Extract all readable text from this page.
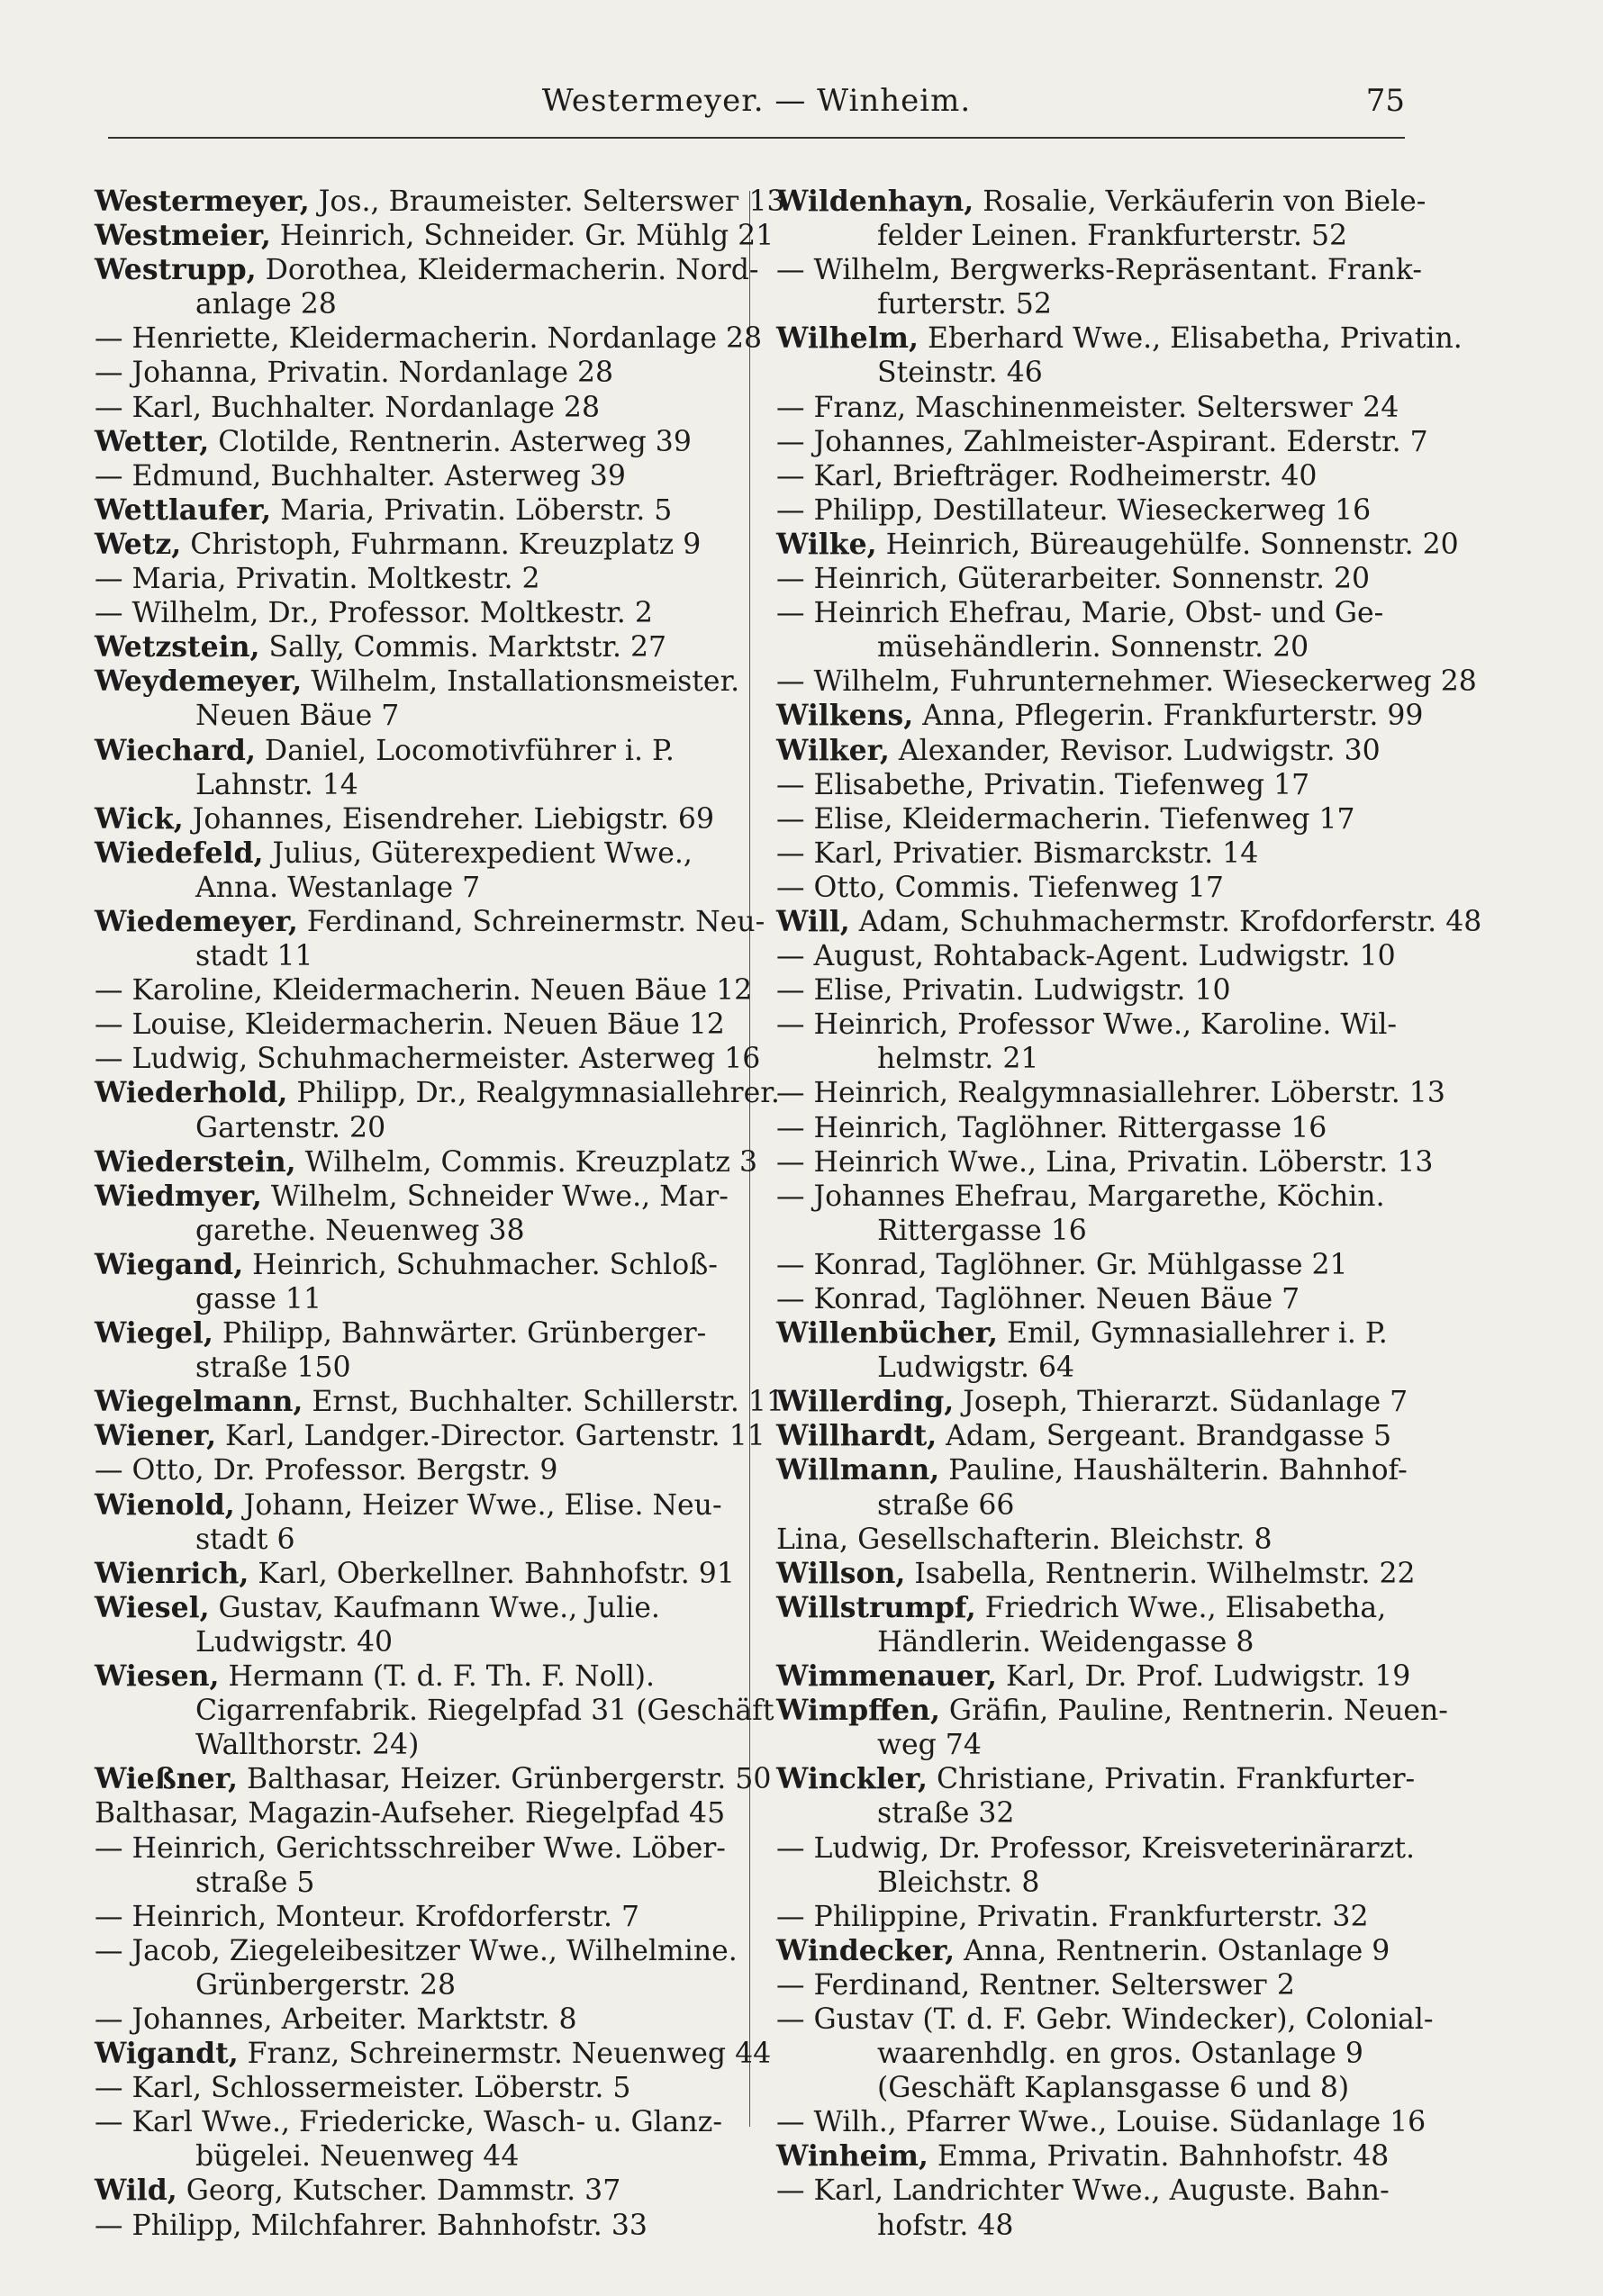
Westermeyer. — Winheim.	75
Westermeyer, Jos., Braumeister. Selterswег 13
Westmeier, Heinrich, Schneider. Gr. Mühlg 21
Westrupp, Dorothea, Kleidermacherin. Nord-
anlage 28
— Henriette, Kleidermacherin. Nordanlage 28
— Johanna, Privatin. Nordanlage 28
— Karl, Buchhalter. Nordanlage 28
Wetter, Clotilde, Rentnerin. Asterweg 39
— Edmund, Buchhalter. Asterweg 39
Wettlaufer, Maria, Privatin. Löberstr. 5
Wetz, Christoph, Fuhrmann. Kreuzplatz 9
— Maria, Privatin. Moltkestr. 2
— Wilhelm, Dr., Professor. Moltkestr. 2
Wetzstein, Sally, Commis. Marktstr. 27
Weydemeyer, Wilhelm, Installationsmeister.
Neuen Bäue 7
Wiechard, Daniel, Locomotivführer i. P.
Lahnstr. 14
Wick, Johannes, Eisendreher. Liebigstr. 69
Wiedefeld, Julius, Güterexpedient Wwe.,
Anna. Westanlage 7
Wiedemeyer, Ferdinand, Schreinermstr. Neu-
stadt 11
— Karoline, Kleidermacherin. Neuen Bäue 12
— Louise, Kleidermacherin. Neuen Bäue 12
— Ludwig, Schuhmachermeister. Asterweg 16
Wiederhold, Philipp, Dr., Realgymnasiallehrer.
Gartenstr. 20
Wiederstein, Wilhelm, Commis. Kreuzplatz 3
Wiedmyer, Wilhelm, Schneider Wwe., Mar-
garethe. Neuenweg 38
Wiegand, Heinrich, Schuhmacher. Schloß-
gasse 11
Wiegel, Philipp, Bahnwärter. Grünberger-
straße 150
Wiegelmann, Ernst, Buchhalter. Schillerstr. 11
Wiener, Karl, Landger.-Director. Gartenstr. 11
— Otto, Dr. Professor. Bergstr. 9
Wienold, Johann, Heizer Wwe., Elise. Neu-
stadt 6
Wienrich, Karl, Oberkellner. Bahnhofstr. 91
Wiesel, Gustav, Kaufmann Wwe., Julie.
Ludwigstr. 40
Wiesen, Hermann (T. d. F. Th. F. Noll).
Cigarrenfabrik. Riegelpfad 31 (Geschäft
Wallthorstr. 24)
Wießner, Balthasar, Heizer. Grünbergerstr. 50
Balthasar, Magazin-Aufseher. Riegelpfad 45
— Heinrich, Gerichtsschreiber Wwe. Löber-
straße 5
— Heinrich, Monteur. Krofdorferstr. 7
— Jacob, Ziegeleibesitzer Wwe., Wilhelmine.
Grünbergerstr. 28
— Johannes, Arbeiter. Marktstr. 8
Wigandt, Franz, Schreinermstr. Neuenweg 44
— Karl, Schlossermeister. Löberstr. 5
— Karl Wwe., Friedericke, Wasch- u. Glanz-
bügelei. Neuenweg 44
Wild, Georg, Kutscher. Dammstr. 37
— Philipp, Milchfahrer. Bahnhofstr. 33
Wildenhayn, Rosalie, Verkäuferin von Biele-
felder Leinen. Frankfurterstr. 52
— Wilhelm, Bergwerks-Repräsentant. Frank-
furterstr. 52
Wilhelm, Eberhard Wwe., Elisabetha, Privatin.
Steinstr. 46
— Franz, Maschinenmeister. Selterswег 24
— Johannes, Zahlmeister-Aspirant. Ederstr. 7
— Karl, Briefträger. Rodheimerstr. 40
— Philipp, Destillateur. Wieseckerweg 16
Wilke, Heinrich, Büreaugehülfe. Sonnenstr. 20
— Heinrich, Güterarbeiter. Sonnenstr. 20
— Heinrich Ehefrau, Marie, Obst- und Ge-
müsehändlerin. Sonnenstr. 20
— Wilhelm, Fuhrunternehmer. Wieseckerweg 28
Wilkens, Anna, Pflegerin. Frankfurterstr. 99
Wilker, Alexander, Revisor. Ludwigstr. 30
— Elisabethe, Privatin. Tiefenweg 17
— Elise, Kleidermacherin. Tiefenweg 17
— Karl, Privatier. Bismarckstr. 14
— Otto, Commis. Tiefenweg 17
Will, Adam, Schuhmachermstr. Krofdorferstr. 48
— August, Rohtaback-Agent. Ludwigstr. 10
— Elise, Privatin. Ludwigstr. 10
— Heinrich, Professor Wwe., Karoline. Wil-
helmstr. 21
— Heinrich, Realgymnasiallehrer. Löberstr. 13
— Heinrich, Taglöhner. Rittergasse 16
— Heinrich Wwe., Lina, Privatin. Löberstr. 13
— Johannes Ehefrau, Margarethe, Köchin.
Rittergasse 16
— Konrad, Taglöhner. Gr. Mühlgasse 21
— Konrad, Taglöhner. Neuen Bäue 7
Willenbücher, Emil, Gymnasiallehrer i. P.
Ludwigstr. 64
Willerding, Joseph, Thierarzt. Südanlage 7
Willhardt, Adam, Sergeant. Brandgasse 5
Willmann, Pauline, Haushälterin. Bahnhof-
straße 66
Lina, Gesellschafterin. Bleichstr. 8
Willson, Isabella, Rentnerin. Wilhelmstr. 22
Willstrumpf, Friedrich Wwe., Elisabetha,
Händlerin. Weidengasse 8
Wimmenauer, Karl, Dr. Prof. Ludwigstr. 19
Wimpffen, Gräfin, Pauline, Rentnerin. Neuen-
weg 74
Winckler, Christiane, Privatin. Frankfurter-
straße 32
— Ludwig, Dr. Professor, Kreisveterinärarzt.
Bleichstr. 8
— Philippine, Privatin. Frankfurterstr. 32
Windecker, Anna, Rentnerin. Ostanlage 9
— Ferdinand, Rentner. Selterswег 2
— Gustav (T. d. F. Gebr. Windecker), Colonial-
waarenhdlg. en gros. Ostanlage 9
(Geschäft Kaplansgasse 6 und 8)
— Wilh., Pfarrer Wwe., Louise. Südanlage 16
Winheim, Emma, Privatin. Bahnhofstr. 48
— Karl, Landrichter Wwe., Auguste. Bahn-
hofstr. 48
